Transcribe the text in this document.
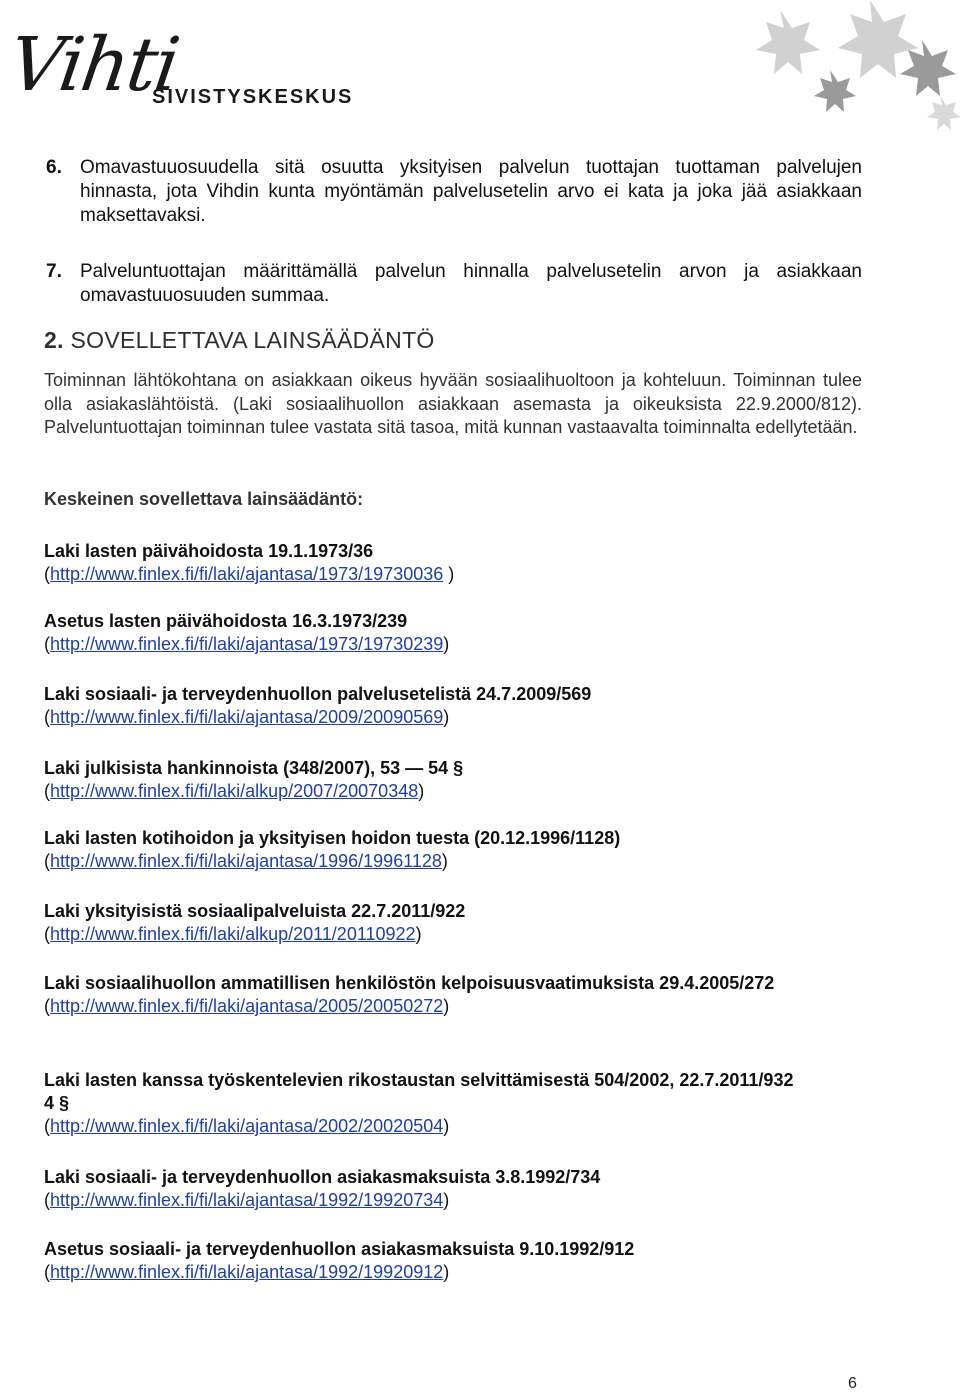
Vihti
SIVISTYSKESKUS
6. Omavastuuosuudella sitä osuutta yksityisen palvelun tuottajan tuottaman palvelujen hinnasta, jota Vihdin kunta myöntämän palvelusetelin arvo ei kata ja joka jää asiakkaan maksettavaksi.
7. Palveluntuottajan määrittämällä palvelun hinnalla palvelusetelin arvon ja asiakkaan omavastuuosuuden summaa.
2. SOVELLETTAVA LAINSÄÄDÄNTÖ
Toiminnan lähtökohtana on asiakkaan oikeus hyvään sosiaalihuoltoon ja kohteluun. Toiminnan tulee olla asiakaslähtöistä. (Laki sosiaalihuollon asiakkaan asemasta ja oikeuksista 22.9.2000/812). Palveluntuottajan toiminnan tulee vastata sitä tasoa, mitä kunnan vastaavalta toiminnalta edellytetään.
Keskeinen sovellettava lainsäädäntö:
Laki lasten päivähoidosta 19.1.1973/36
(http://www.finlex.fi/fi/laki/ajantasa/1973/19730036 )
Asetus lasten päivähoidosta 16.3.1973/239
(http://www.finlex.fi/fi/laki/ajantasa/1973/19730239)
Laki sosiaali- ja terveydenhuollon palvelusetelistä 24.7.2009/569
(http://www.finlex.fi/fi/laki/ajantasa/2009/20090569)
Laki julkisista hankinnoista (348/2007), 53 — 54 §
(http://www.finlex.fi/fi/laki/alkup/2007/20070348)
Laki lasten kotihoidon ja yksityisen hoidon tuesta (20.12.1996/1128)
(http://www.finlex.fi/fi/laki/ajantasa/1996/19961128)
Laki yksityisistä sosiaalipalveluista 22.7.2011/922
(http://www.finlex.fi/fi/laki/alkup/2011/20110922)
Laki sosiaalihuollon ammatillisen henkilöstön kelpoisuusvaatimuksista 29.4.2005/272
(http://www.finlex.fi/fi/laki/ajantasa/2005/20050272)
Laki lasten kanssa työskentelevien rikostaustan selvittämisestä 504/2002, 22.7.2011/932 4 §
(http://www.finlex.fi/fi/laki/ajantasa/2002/20020504)
Laki sosiaali- ja terveydenhuollon asiakasmaksuista 3.8.1992/734
(http://www.finlex.fi/fi/laki/ajantasa/1992/19920734)
Asetus sosiaali- ja terveydenhuollon asiakasmaksuista 9.10.1992/912
(http://www.finlex.fi/fi/laki/ajantasa/1992/19920912)
6
